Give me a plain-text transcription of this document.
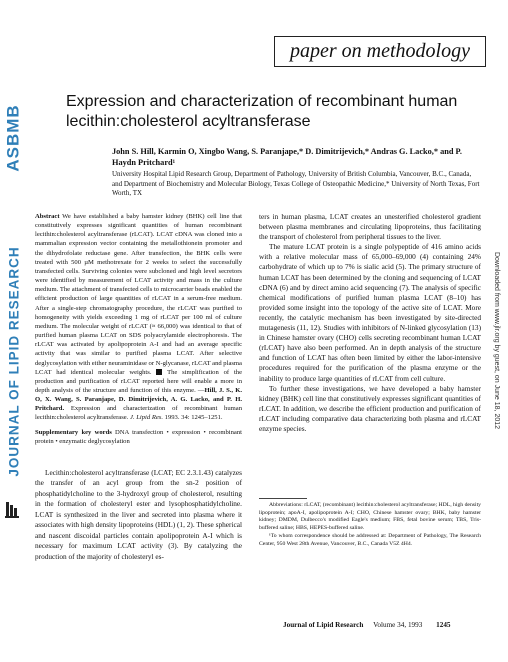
ASBMB
JOURNAL OF LIPID RESEARCH	Downloaded from www.jlr.org by guest, on June 18, 2012
paper on methodology
Expression and characterization of recombinant human lecithin:cholesterol acyltransferase
John S. Hill, Karmin O, Xingbo Wang, S. Paranjape,* D. Dimitrijevich,* Andras G. Lacko,* and P. Haydn Pritchard¹
University Hospital Lipid Research Group, Department of Pathology, University of British Columbia, Vancouver, B.C., Canada, and Department of Biochemistry and Molecular Biology, Texas College of Osteopathic Medicine,* University of North Texas, Fort Worth, TX

Abstract We have established a baby hamster kidney (BHK) cell line that constitutively expresses significant quantities of human recombinant lecithin:cholesterol acyltransferase (rLCAT). LCAT cDNA was cloned into a mammalian expression vector containing the metallothionein promoter and the dihydrofolate reductase gene. After transfection, the BHK cells were treated with 500 µM methotrexate for 2 weeks to select the successfully transfected cells. Surviving colonies were subcloned and high level secretors were identified by measurement of LCAT activity and mass in the culture medium. The attachment of transfected cells to microcarrier beads enabled the efficient production of large quantities of rLCAT in a serum-free medium. After a single-step chromatography procedure, the rLCAT was purified to homogeneity with yields exceeding 1 mg of rLCAT per 100 ml of culture medium. The molecular weight of rLCAT (≈ 66,000) was identical to that of purified human plasma LCAT on SDS polyacrylamide electrophoresis. The rLCAT was activated by apolipoprotein A-I and had an average specific activity that was similar to purified plasma LCAT. After selective deglycosylation with either neuraminidase or N-glycanase, rLCAT and plasma LCAT had identical molecular weights. The simplification of the production and purification of rLCAT reported here will enable a more in depth analysis of the structure and function of this enzyme. —Hill, J. S., K. O, X. Wang, S. Paranjape, D. Dimitrijevich, A. G. Lacko, and P. H. Pritchard. Expression and characterization of recombinant human lecithin:cholesterol acyltransferase. J. Lipid Res. 1993. 34: 1245–1251.

Supplementary key words DNA transfection • expression • recombinant protein • enzymatic deglycosylation

Lecithin:cholesterol acyltransferase (LCAT; EC 2.3.1.43) catalyzes the transfer of an acyl group from the sn-2 position of phosphatidylcholine to the 3-hydroxyl group of cholesterol, resulting in the formation of cholesteryl ester and lysophosphatidylcholine. LCAT is synthesized in the liver and secreted into plasma where it associates with high density lipoproteins (HDL) (1, 2). These spherical and nascent discoidal particles contain apolipoprotein A-I which is necessary for maximum LCAT activity (3). By catalyzing the production of the majority of cholesteryl es-

ters in human plasma, LCAT creates an unesterified cholesterol gradient between plasma membranes and circulating lipoproteins, thus facilitating the transport of cholesterol from peripheral tissues to the liver.

The mature LCAT protein is a single polypeptide of 416 amino acids with a relative molecular mass of 65,000–69,000 (4) containing 24% carbohydrate of which up to 7% is sialic acid (5). The primary structure of human LCAT has been determined by the cloning and sequencing of LCAT cDNA (6) and by direct amino acid sequencing (7). The analysis of specific chemical modifications of purified human plasma LCAT (8–10) has provided some insight into the topology of the active site of LCAT. More recently, the catalytic mechanism has been investigated by site-directed mutagenesis (11, 12). Studies with inhibitors of N-linked glycosylation (13) in Chinese hamster ovary (CHO) cells secreting recombinant human LCAT (rLCAT) have also been performed. An in depth analysis of the structure and function of LCAT has often been limited by either the labor-intensive procedures required for the purification of the plasma enzyme or the inability to produce large quantities of rLCAT from cell culture.

To further these investigations, we have developed a baby hamster kidney (BHK) cell line that constitutively expresses significant quantities of rLCAT. In addition, we describe the efficient production and purification of rLCAT including comparative data characterizing both plasma and rLCAT enzyme species.

Abbreviations: rLCAT, (recombinant) lecithin:cholesterol acyltransferase; HDL, high density lipoprotein; apoA-I, apolipoprotein A-I; CHO, Chinese hamster ovary; BHK, baby hamster kidney; DMDM, Dulbecco's modified Eagle's medium; FBS, fetal bovine serum; TBS, Tris-buffered saline; HBS, HEPES-buffered saline.

¹To whom correspondence should be addressed at: Department of Pathology, The Research Center, 950 West 28th Avenue, Vancouver, B.C., Canada V5Z 4H4.

Journal of Lipid Research Volume 34, 1993 1245
